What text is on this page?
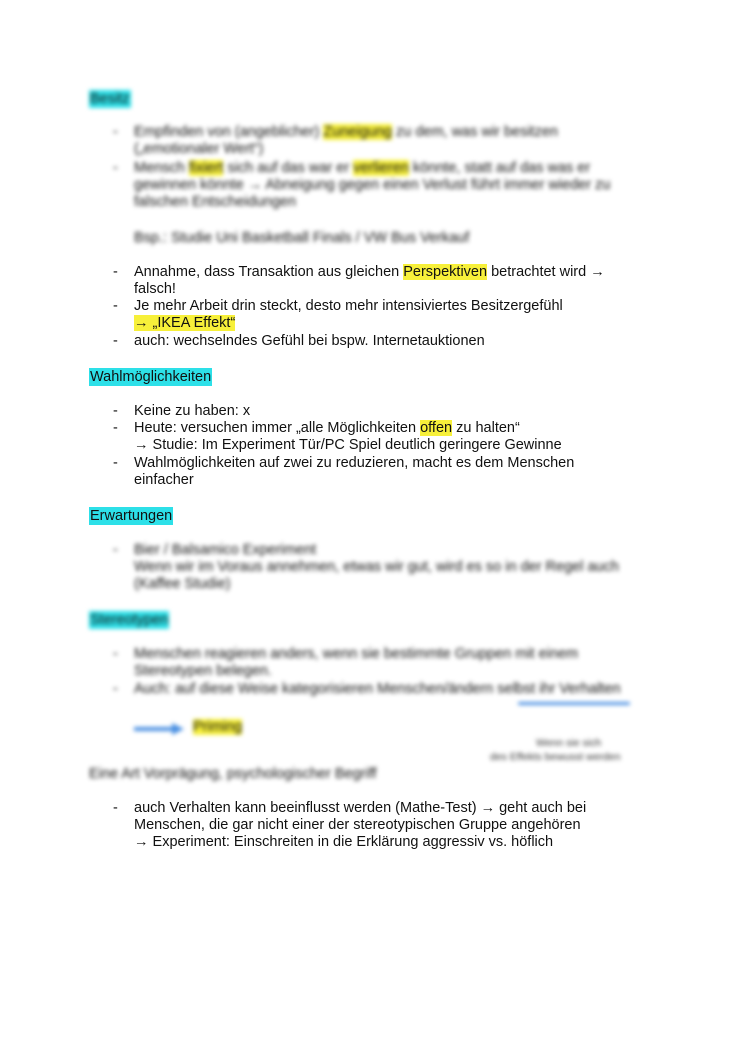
Besitz
- Empfinden von (angeblicher) Zuneigung zu dem, was wir besitzen
(„emotionaler Wert“)
- Mensch fixiert sich auf das war er verlieren könnte, statt auf das was er
gewinnen könnte → Abneigung gegen einen Verlust führt immer wieder zu
falschen Entscheidungen
Bsp.: Studie Uni Basketball Finals / VW Bus Verkauf
- Annahme, dass Transaktion aus gleichen Perspektiven betrachtet wird →
falsch!
- Je mehr Arbeit drin steckt, desto mehr intensiviertes Besitzergefühl
→ „IKEA Effekt“
- auch: wechselndes Gefühl bei bspw. Internetauktionen
Wahlmöglichkeiten
- Keine zu haben: x
- Heute: versuchen immer „alle Möglichkeiten offen zu halten“
→ Studie: Im Experiment Tür/PC Spiel deutlich geringere Gewinne
- Wahlmöglichkeiten auf zwei zu reduzieren, macht es dem Menschen
einfacher
Erwartungen
- Bier / Balsamico Experiment
Wenn wir im Voraus annehmen, etwas wir gut, wird es so in der Regel auch
(Kaffee Studie)
Stereotypen
- Menschen reagieren anders, wenn sie bestimmte Gruppen mit einem
Stereotypen belegen.
- Auch: auf diese Weise kategorisieren Menschen/ändern selbst ihr Verhalten
Priming
Wenn sie sich
des Effekts bewusst werden
Eine Art Vorprägung, psychologischer Begriff
- auch Verhalten kann beeinflusst werden (Mathe-Test) → geht auch bei
Menschen, die gar nicht einer der stereotypischen Gruppe angehören
→ Experiment: Einschreiten in die Erklärung aggressiv vs. höflich
